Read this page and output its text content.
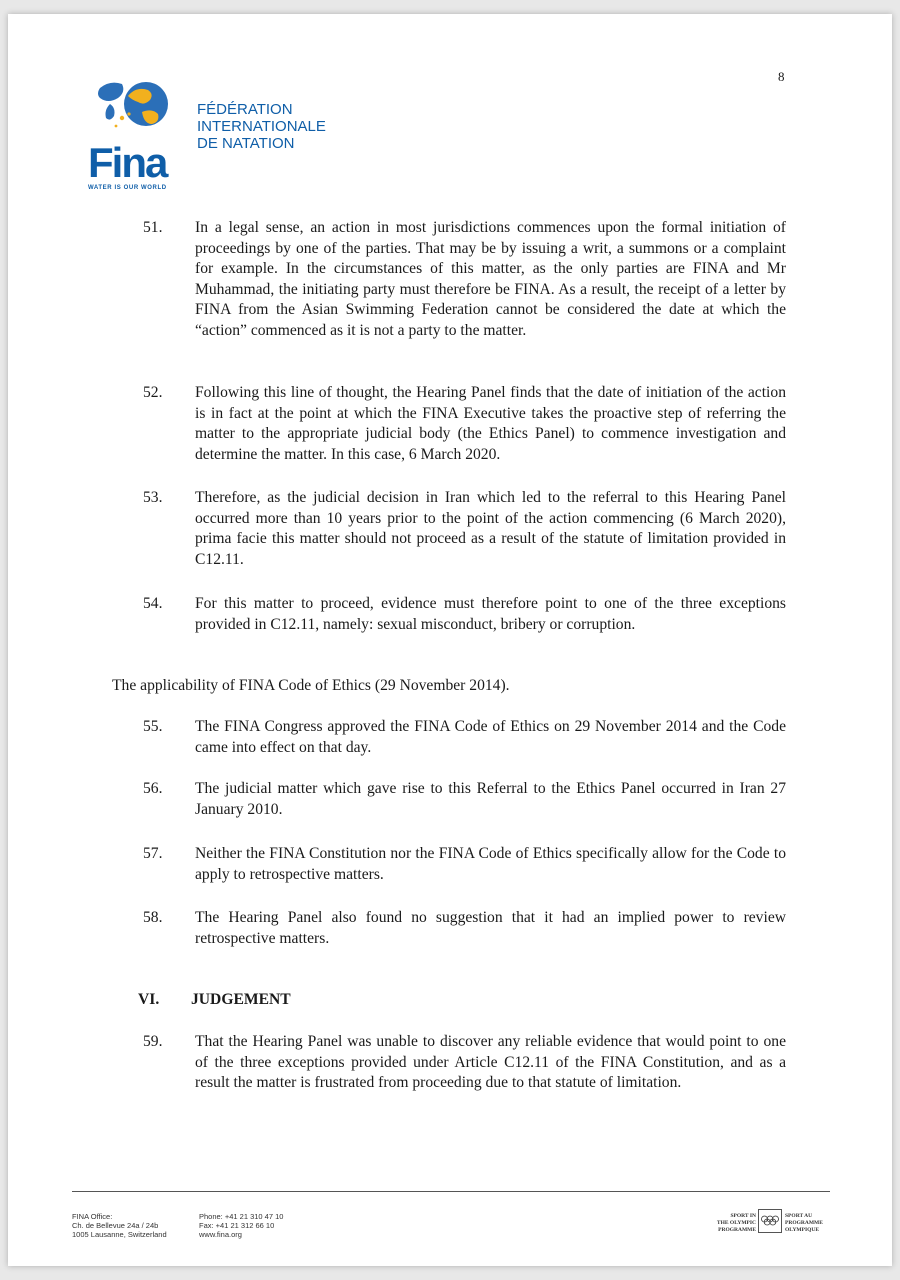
8
Fina
WATER IS OUR WORLD
FÉDÉRATION
INTERNATIONALE
DE NATATION
51. In a legal sense, an action in most jurisdictions commences upon the formal initiation of proceedings by one of the parties. That may be by issuing a writ, a summons or a complaint for example. In the circumstances of this matter, as the only parties are FINA and Mr Muhammad, the initiating party must therefore be FINA. As a result, the receipt of a letter by FINA from the Asian Swimming Federation cannot be considered the date at which the “action” commenced as it is not a party to the matter.
52. Following this line of thought, the Hearing Panel finds that the date of initiation of the action is in fact at the point at which the FINA Executive takes the proactive step of referring the matter to the appropriate judicial body (the Ethics Panel) to commence investigation and determine the matter. In this case, 6 March 2020.
53. Therefore, as the judicial decision in Iran which led to the referral to this Hearing Panel occurred more than 10 years prior to the point of the action commencing (6 March 2020), prima facie this matter should not proceed as a result of the statute of limitation provided in C12.11.
54. For this matter to proceed, evidence must therefore point to one of the three exceptions provided in C12.11, namely: sexual misconduct, bribery or corruption.
The applicability of FINA Code of Ethics (29 November 2014).
55. The FINA Congress approved the FINA Code of Ethics on 29 November 2014 and the Code came into effect on that day.
56. The judicial matter which gave rise to this Referral to the Ethics Panel occurred in Iran 27 January 2010.
57. Neither the FINA Constitution nor the FINA Code of Ethics specifically allow for the Code to apply to retrospective matters.
58. The Hearing Panel also found no suggestion that it had an implied power to review retrospective matters.
VI. JUDGEMENT
59. That the Hearing Panel was unable to discover any reliable evidence that would point to one of the three exceptions provided under Article C12.11 of the FINA Constitution, and as a result the matter is frustrated from proceeding due to that statute of limitation.
FINA Office:
Ch. de Bellevue 24a / 24b
1005 Lausanne, Switzerland
Phone: +41 21 310 47 10
Fax: +41 21 312 66 10
www.fina.org
SPORT IN
THE OLYMPIC
PROGRAMME
SPORT AU
PROGRAMME
OLYMPIQUE
